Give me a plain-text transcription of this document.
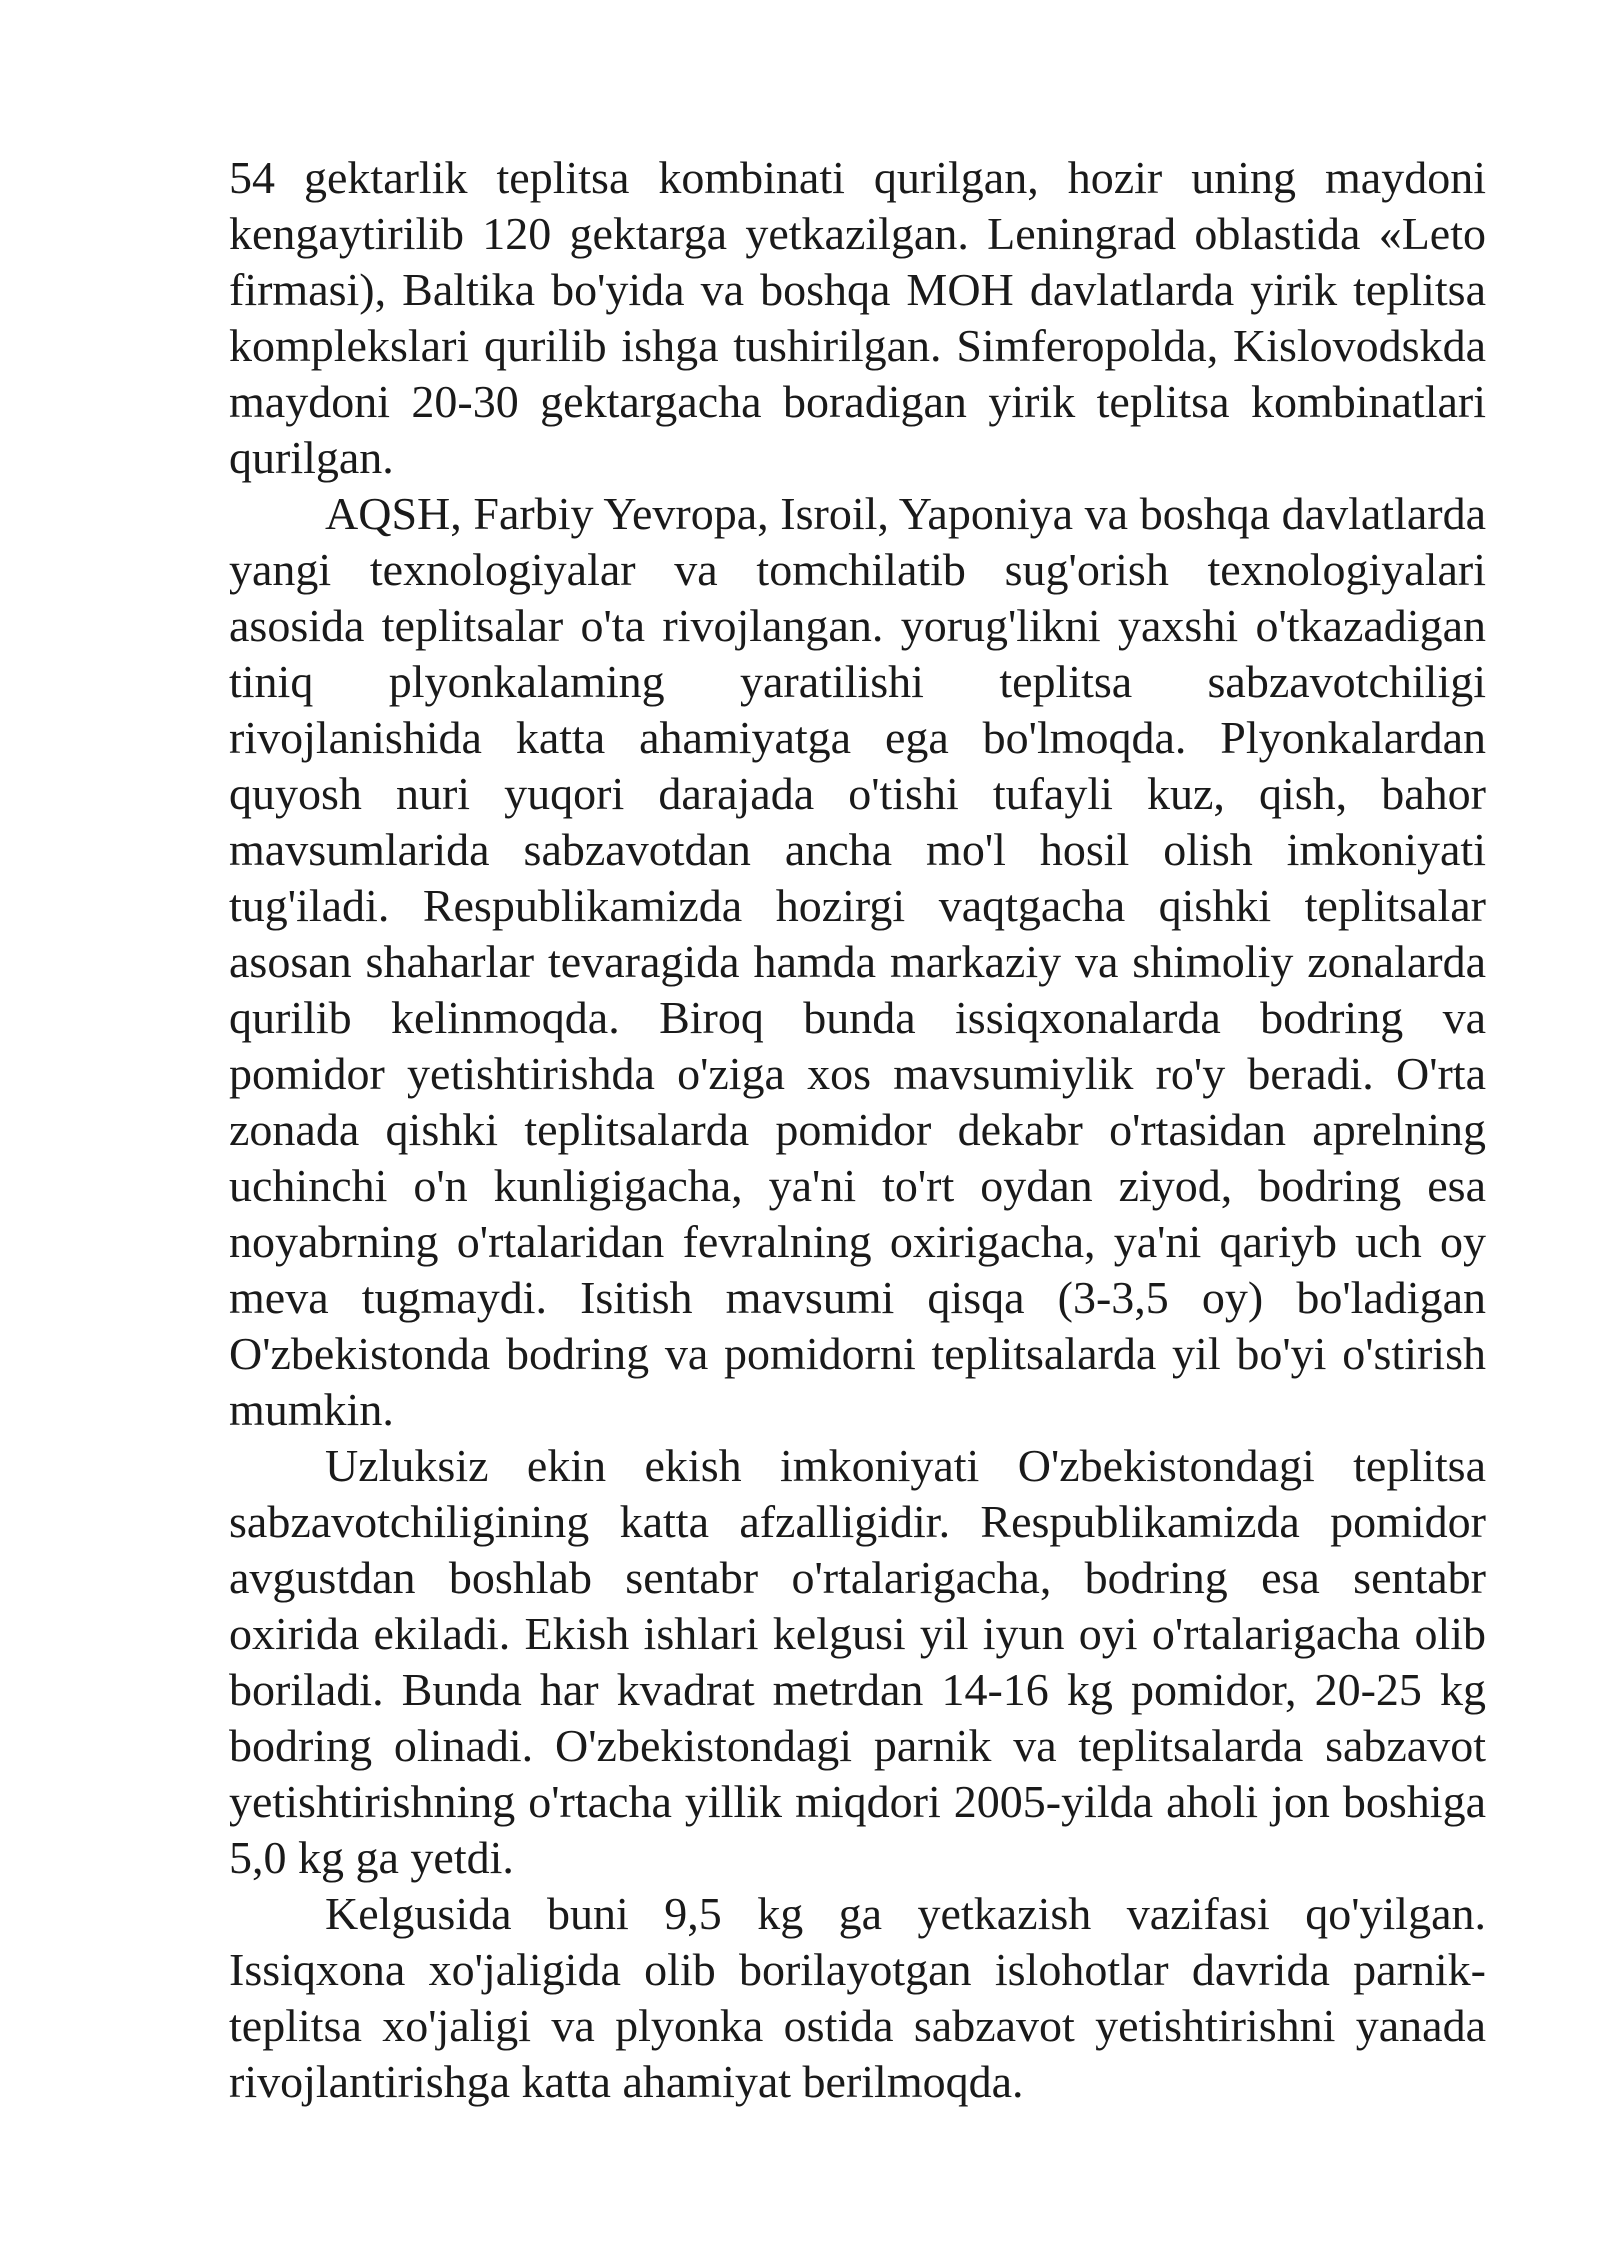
54 gektarlik teplitsa kombinati qurilgan, hozir uning maydoni kengaytirilib 120 gektarga yetkazilgan. Leningrad oblastida «Leto firmasi), Baltika bo'yida va boshqa MOH davlatlarda yirik teplitsa komplekslari qurilib ishga tushirilgan. Simferopolda, Kislovodskda maydoni 20-30 gektargacha boradigan yirik teplitsa kombinatlari qurilgan.

AQSH, Farbiy Yevropa, Isroil, Yaponiya va boshqa davlatlarda yangi texnologiyalar va tomchilatib sug'orish texnologiyalari asosida teplitsalar o'ta rivojlangan. yorug'likni yaxshi o'tkazadigan tiniq plyonkalaming yaratilishi teplitsa sabzavotchiligi rivojlanishida katta ahamiyatga ega bo'lmoqda. Plyonkalardan quyosh nuri yuqori darajada o'tishi tufayli kuz, qish, bahor mavsumlarida sabzavotdan ancha mo'l hosil olish imkoniyati tug'iladi. Respublikamizda hozirgi vaqtgacha qishki teplitsalar asosan shaharlar tevaragida hamda markaziy va shimoliy zonalarda qurilib kelinmoqda. Biroq bunda issiqxonalarda bodring va pomidor yetishtirishda o'ziga xos mavsumiylik ro'y beradi. O'rta zonada qishki teplitsalarda pomidor dekabr o'rtasidan aprelning uchinchi o'n kunligigacha, ya'ni to'rt oydan ziyod, bodring esa noyabrning o'rtalaridan fevralning oxirigacha, ya'ni qariyb uch oy meva tugmaydi. Isitish mavsumi qisqa (3-3,5 oy) bo'ladigan O'zbekistonda bodring va pomidorni teplitsalarda yil bo'yi o'stirish mumkin.

Uzluksiz ekin ekish imkoniyati O'zbekistondagi teplitsa sabzavotchiligining katta afzalligidir. Respublikamizda pomidor avgustdan boshlab sentabr o'rtalarigacha, bodring esa sentabr oxirida ekiladi. Ekish ishlari kelgusi yil iyun oyi o'rtalarigacha olib boriladi. Bunda har kvadrat metrdan 14-16 kg pomidor, 20-25 kg bodring olinadi. O'zbekistondagi parnik va teplitsalarda sabzavot yetishtirishning o'rtacha yillik miqdori 2005-yilda aholi jon boshiga 5,0 kg ga yetdi.

Kelgusida buni 9,5 kg ga yetkazish vazifasi qo'yilgan. Issiqxona xo'jaligida olib borilayotgan islohotlar davrida parnik-teplitsa xo'jaligi va plyonka ostida sabzavot yetishtirishni yanada rivojlantirishga katta ahamiyat berilmoqda.
